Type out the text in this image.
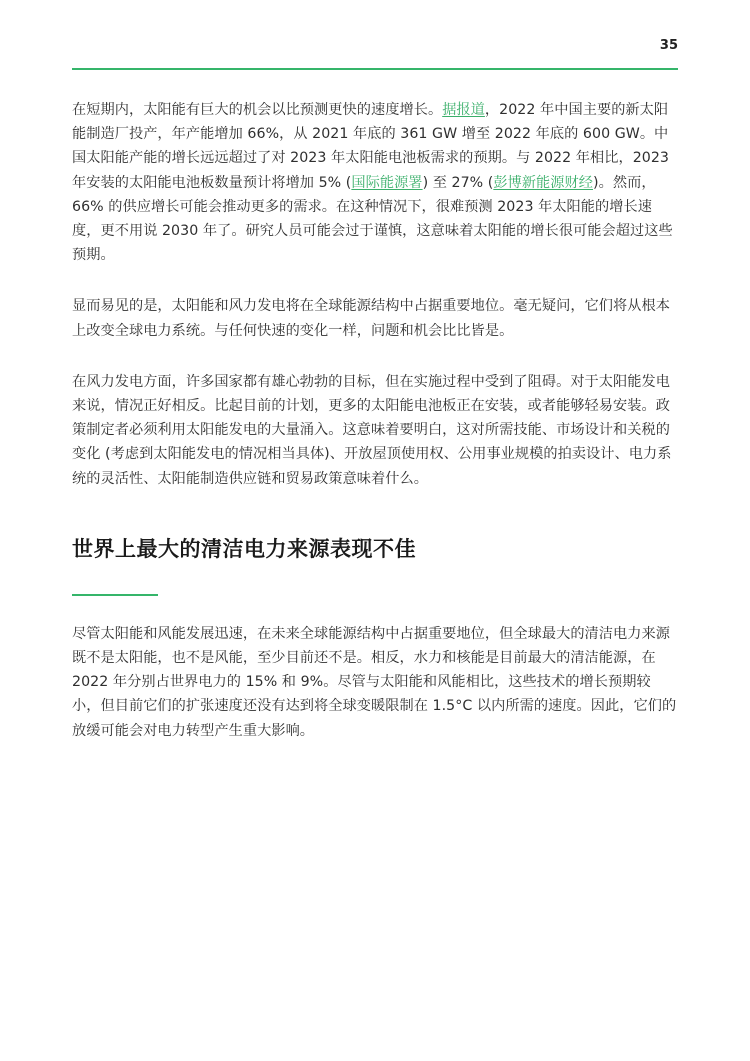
35

在短期内，太阳能有巨大的机会以比预测更快的速度增长。据报道，2022 年中国主要的新太阳能制造厂投产，年产能增加 66%，从 2021 年底的 361 GW 增至 2022 年底的 600 GW。中国太阳能产能的增长远远超过了对 2023 年太阳能电池板需求的预期。与 2022 年相比，2023 年安装的太阳能电池板数量预计将增加 5% (国际能源署) 至 27% (彭博新能源财经)。然而，66% 的供应增长可能会推动更多的需求。在这种情况下，很难预测 2023 年太阳能的增长速度，更不用说 2030 年了。研究人员可能会过于谨慎，这意味着太阳能的增长很可能会超过这些预期。

显而易见的是，太阳能和风力发电将在全球能源结构中占据重要地位。毫无疑问，它们将从根本上改变全球电力系统。与任何快速的变化一样，问题和机会比比皆是。

在风力发电方面，许多国家都有雄心勃勃的目标，但在实施过程中受到了阻碍。对于太阳能发电来说，情况正好相反。比起目前的计划，更多的太阳能电池板正在安装，或者能够轻易安装。政策制定者必须利用太阳能发电的大量涌入。这意味着要明白，这对所需技能、市场设计和关税的变化 (考虑到太阳能发电的情况相当具体)、开放屋顶使用权、公用事业规模的拍卖设计、电力系统的灵活性、太阳能制造供应链和贸易政策意味着什么。

世界上最大的清洁电力来源表现不佳

尽管太阳能和风能发展迅速，在未来全球能源结构中占据重要地位，但全球最大的清洁电力来源既不是太阳能，也不是风能，至少目前还不是。相反，水力和核能是目前最大的清洁能源，在 2022 年分别占世界电力的 15% 和 9%。尽管与太阳能和风能相比，这些技术的增长预期较小，但目前它们的扩张速度还没有达到将全球变暖限制在 1.5°C 以内所需的速度。因此，它们的放缓可能会对电力转型产生重大影响。
